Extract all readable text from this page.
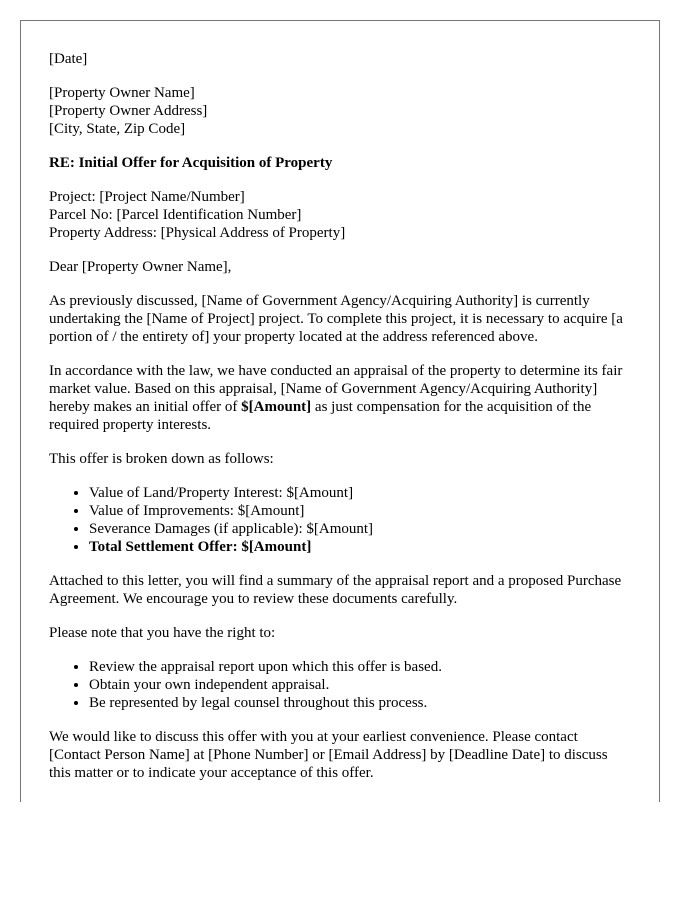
[Date]

[Property Owner Name]
[Property Owner Address]
[City, State, Zip Code]

RE: Initial Offer for Acquisition of Property

Project: [Project Name/Number]
Parcel No: [Parcel Identification Number]
Property Address: [Physical Address of Property]

Dear [Property Owner Name],

As previously discussed, [Name of Government Agency/Acquiring Authority] is currently undertaking the [Name of Project] project. To complete this project, it is necessary to acquire [a portion of / the entirety of] your property located at the address referenced above.

In accordance with the law, we have conducted an appraisal of the property to determine its fair market value. Based on this appraisal, [Name of Government Agency/Acquiring Authority] hereby makes an initial offer of $[Amount] as just compensation for the acquisition of the required property interests.

This offer is broken down as follows:

• Value of Land/Property Interest: $[Amount]
• Value of Improvements: $[Amount]
• Severance Damages (if applicable): $[Amount]
• Total Settlement Offer: $[Amount]

Attached to this letter, you will find a summary of the appraisal report and a proposed Purchase Agreement. We encourage you to review these documents carefully.

Please note that you have the right to:

• Review the appraisal report upon which this offer is based.
• Obtain your own independent appraisal.
• Be represented by legal counsel throughout this process.

We would like to discuss this offer with you at your earliest convenience. Please contact [Contact Person Name] at [Phone Number] or [Email Address] by [Deadline Date] to discuss this matter or to indicate your acceptance of this offer.
